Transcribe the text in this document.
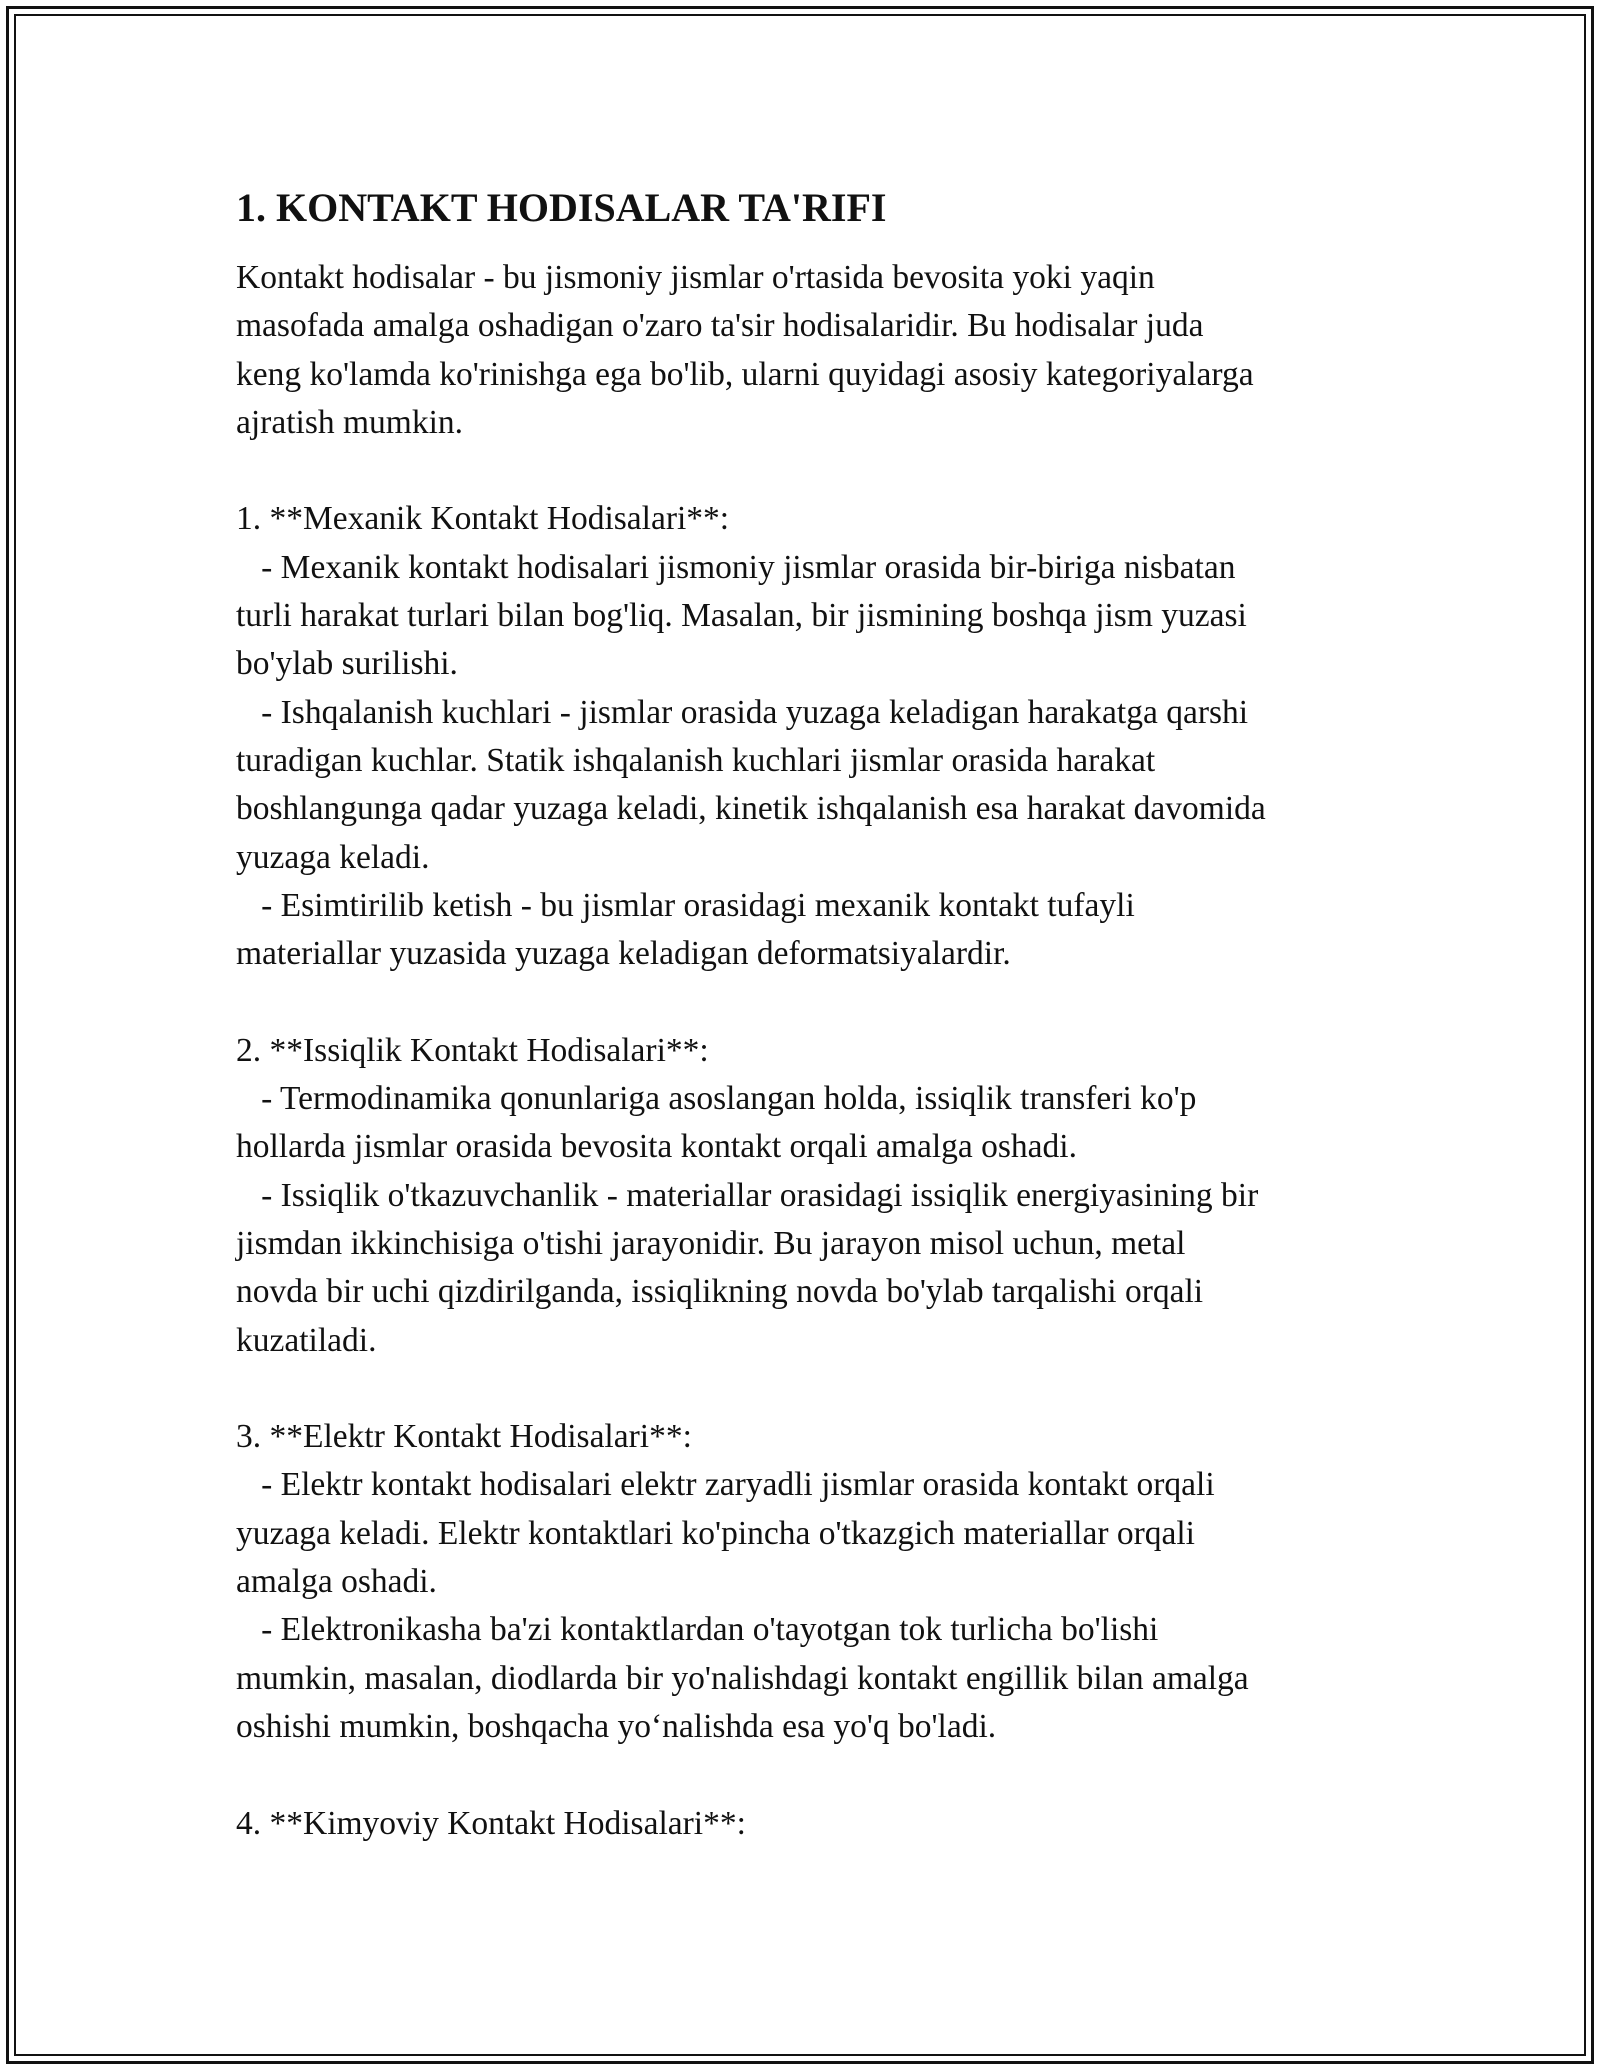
1. KONTAKT HODISALAR TA'RIFI
Kontakt hodisalar - bu jismoniy jismlar o'rtasida bevosita yoki yaqin
masofada amalga oshadigan o'zaro ta'sir hodisalaridir. Bu hodisalar juda
keng ko'lamda ko'rinishga ega bo'lib, ularni quyidagi asosiy kategoriyalarga
ajratish mumkin.
1. **Mexanik Kontakt Hodisalari**:
- Mexanik kontakt hodisalari jismoniy jismlar orasida bir-biriga nisbatan
turli harakat turlari bilan bog'liq. Masalan, bir jismining boshqa jism yuzasi
bo'ylab surilishi.
- Ishqalanish kuchlari - jismlar orasida yuzaga keladigan harakatga qarshi
turadigan kuchlar. Statik ishqalanish kuchlari jismlar orasida harakat
boshlangunga qadar yuzaga keladi, kinetik ishqalanish esa harakat davomida
yuzaga keladi.
- Esimtirilib ketish - bu jismlar orasidagi mexanik kontakt tufayli
materiallar yuzasida yuzaga keladigan deformatsiyalardir.
2. **Issiqlik Kontakt Hodisalari**:
- Termodinamika qonunlariga asoslangan holda, issiqlik transferi ko'p
hollarda jismlar orasida bevosita kontakt orqali amalga oshadi.
- Issiqlik o'tkazuvchanlik - materiallar orasidagi issiqlik energiyasining bir
jismdan ikkinchisiga o'tishi jarayonidir. Bu jarayon misol uchun, metal
novda bir uchi qizdirilganda, issiqlikning novda bo'ylab tarqalishi orqali
kuzatiladi.
3. **Elektr Kontakt Hodisalari**:
- Elektr kontakt hodisalari elektr zaryadli jismlar orasida kontakt orqali
yuzaga keladi. Elektr kontaktlari ko'pincha o'tkazgich materiallar orqali
amalga oshadi.
- Elektronikasha ba'zi kontaktlardan o'tayotgan tok turlicha bo'lishi
mumkin, masalan, diodlarda bir yo'nalishdagi kontakt engillik bilan amalga
oshishi mumkin, boshqacha yo‘nalishda esa yo'q bo'ladi.
4. **Kimyoviy Kontakt Hodisalari**:
